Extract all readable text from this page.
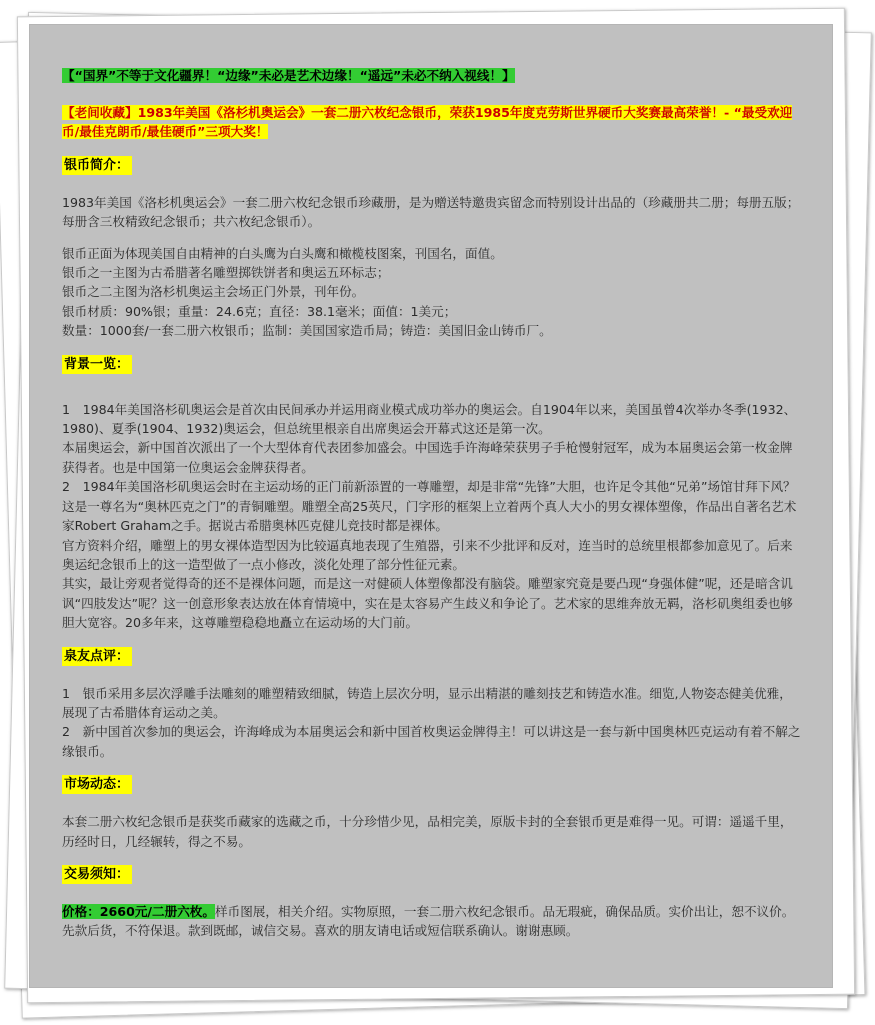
【“国界”不等于文化疆界！“边缘”未必是艺术边缘！“遥远”未必不纳入视线！】
【老间收藏】1983年美国《洛杉机奥运会》一套二册六枚纪念银币，荣获1985年度克劳斯世界硬币大奖赛最高荣誉！- “最受欢迎币/最佳克朗币/最佳硬币”三项大奖！
银币简介：

1983年美国《洛杉机奥运会》一套二册六枚纪念银币珍藏册，是为赠送特邀贵宾留念而特别设计出品的（珍藏册共二册；每册五版；每册含三枚精致纪念银币；共六枚纪念银币）。

银币正面为体现美国自由精神的白头鹰为白头鹰和橄榄枝图案，刊国名，面值。

银币之一主图为古希腊著名雕塑掷铁饼者和奥运五环标志；

银币之二主图为洛杉机奥运主会场正门外景，刊年份。

银币材质：90%银；重量：24.6克；直径：38.1毫米；面值：1美元；

数量：1000套/一套二册六枚银币；监制：美国国家造币局；铸造：美国旧金山铸币厂。

背景一览：

1　1984年美国洛杉矶奥运会是首次由民间承办并运用商业模式成功举办的奥运会。自1904年以来，美国虽曾4次举办冬季(1932、1980)、夏季(1904、1932)奥运会，但总统里根亲自出席奥运会开幕式这还是第一次。

本届奥运会，新中国首次派出了一个大型体育代表团参加盛会。中国选手许海峰荣获男子手枪慢射冠军，成为本届奥运会第一枚金牌获得者。也是中国第一位奥运会金牌获得者。

2　1984年美国洛杉矶奥运会时在主运动场的正门前新添置的一尊雕塑，却是非常“先锋”大胆，也许足令其他“兄弟”场馆甘拜下风？

这是一尊名为“奥林匹克之门”的青铜雕塑。雕塑全高25英尺，门字形的框架上立着两个真人大小的男女裸体塑像，作品出自著名艺术家Robert Graham之手。据说古希腊奥林匹克健儿竞技时都是裸体。

官方资料介绍，雕塑上的男女裸体造型因为比较逼真地表现了生殖器，引来不少批评和反对，连当时的总统里根都参加意见了。后来奥运纪念银币上的这一造型做了一点小修改，淡化处理了部分性征元素。

其实，最让旁观者觉得奇的还不是裸体问题，而是这一对健硕人体塑像都没有脑袋。雕塑家究竟是要凸现“身强体健”呢，还是暗含讥讽“四肢发达”呢？这一创意形象表达放在体育情境中，实在是太容易产生歧义和争论了。艺术家的思维奔放无羁，洛杉矶奥组委也够胆大宽容。20多年来，这尊雕塑稳稳地矗立在运动场的大门前。

泉友点评：

1　银币采用多层次浮雕手法雕刻的雕塑精致细腻，铸造上层次分明，显示出精湛的雕刻技艺和铸造水准。细览,人物姿态健美优雅，展现了古希腊体育运动之美。

2　新中国首次参加的奥运会，许海峰成为本届奥运会和新中国首枚奥运金牌得主！可以讲这是一套与新中国奥林匹克运动有着不解之缘银币。

市场动态：

本套二册六枚纪念银币是获奖币藏家的选藏之币，十分珍惜少见，品相完美，原版卡封的全套银币更是难得一见。可谓：遥遥千里，历经时日，几经辗转，得之不易。

交易须知：

价格：2660元/二册六枚。样币图展，相关介绍。实物原照，一套二册六枚纪念银币。品无瑕疵，确保品质。实价出让，恕不议价。先款后货，不符保退。款到既邮，诚信交易。喜欢的朋友请电话或短信联系确认。谢谢惠顾。
